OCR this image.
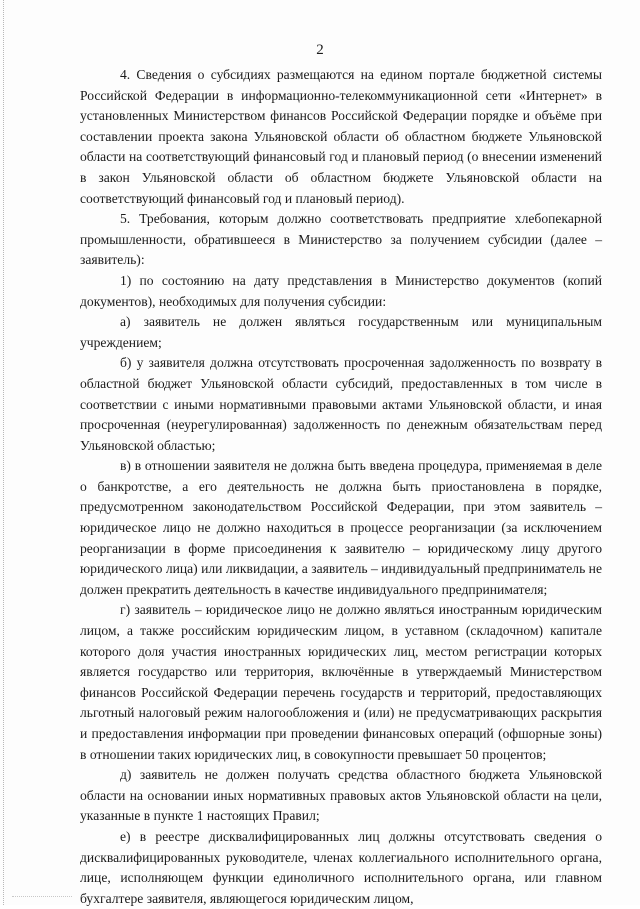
2

4. Сведения о субсидиях размещаются на едином портале бюджетной системы Российской Федерации в информационно-телекоммуникационной сети «Интернет» в установленных Министерством финансов Российской Федерации порядке и объёме при составлении проекта закона Ульяновской области об областном бюджете Ульяновской области на соответствующий финансовый год и плановый период (о внесении изменений в закон Ульяновской области об областном бюджете Ульяновской области на соответствующий финансовый год и плановый период).

5. Требования, которым должно соответствовать предприятие хлебопекарной промышленности, обратившееся в Министерство за получением субсидии (далее – заявитель):

1) по состоянию на дату представления в Министерство документов (копий документов), необходимых для получения субсидии:

а) заявитель не должен являться государственным или муниципальным учреждением;

б) у заявителя должна отсутствовать просроченная задолженность по возврату в областной бюджет Ульяновской области субсидий, предоставленных в том числе в соответствии с иными нормативными правовыми актами Ульяновской области, и иная просроченная (неурегулированная) задолженность по денежным обязательствам перед Ульяновской областью;

в) в отношении заявителя не должна быть введена процедура, применяемая в деле о банкротстве, а его деятельность не должна быть приостановлена в порядке, предусмотренном законодательством Российской Федерации, при этом заявитель – юридическое лицо не должно находиться в процессе реорганизации (за исключением реорганизации в форме присоединения к заявителю – юридическому лицу другого юридического лица) или ликвидации, а заявитель – индивидуальный предприниматель не должен прекратить деятельность в качестве индивидуального предпринимателя;

г) заявитель – юридическое лицо не должно являться иностранным юридическим лицом, а также российским юридическим лицом, в уставном (складочном) капитале которого доля участия иностранных юридических лиц, местом регистрации которых является государство или территория, включённые в утверждаемый Министерством финансов Российской Федерации перечень государств и территорий, предоставляющих льготный налоговый режим налогообложения и (или) не предусматривающих раскрытия и предоставления информации при проведении финансовых операций (офшорные зоны) в отношении таких юридических лиц, в совокупности превышает 50 процентов;

д) заявитель не должен получать средства областного бюджета Ульяновской области на основании иных нормативных правовых актов Ульяновской области на цели, указанные в пункте 1 настоящих Правил;

е) в реестре дисквалифицированных лиц должны отсутствовать сведения о дисквалифицированных руководителе, членах коллегиального исполнительного органа, лице, исполняющем функции единоличного исполнительного органа, или главном бухгалтере заявителя, являющегося юридическим лицом,
